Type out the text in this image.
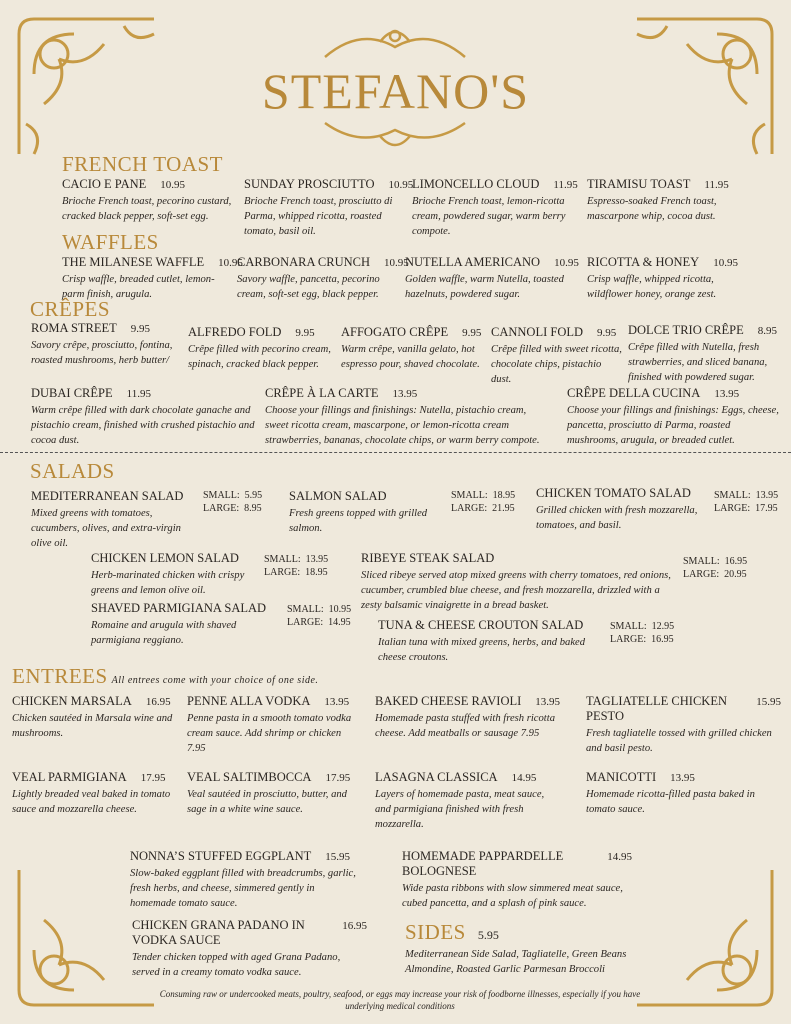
STEFANO'S
FRENCH TOAST
WAFFLES
CRÊPES
SALADS
ENTREES All entrees come with your choice of one side.
CACIO E PANE 10.95
Brioche French toast, pecorino custard, cracked black pepper, soft-set egg.
SUNDAY PROSCIUTTO 10.95
Brioche French toast, prosciutto di Parma, whipped ricotta, roasted tomato, basil oil.
LIMONCELLO CLOUD 11.95
Brioche French toast, lemon-ricotta cream, powdered sugar, warm berry compote.
TIRAMISU TOAST 11.95
Espresso-soaked French toast, mascarpone whip, cocoa dust.
THE MILANESE WAFFLE 10.95
Crisp waffle, breaded cutlet, lemon-parm finish, arugula.
CARBONARA CRUNCH 10.95
Savory waffle, pancetta, pecorino cream, soft-set egg, black pepper.
NUTELLA AMERICANO 10.95
Golden waffle, warm Nutella, toasted hazelnuts, powdered sugar.
RICOTTA & HONEY 10.95
Crisp waffle, whipped ricotta, wildflower honey, orange zest.
ROMA STREET 9.95
Savory crêpe, prosciutto, fontina, roasted mushrooms, herb butter/
ALFREDO FOLD 9.95
Crêpe filled with pecorino cream, spinach, cracked black pepper.
AFFOGATO CRÊPE 9.95
Warm crêpe, vanilla gelato, hot espresso pour, shaved chocolate.
CANNOLI FOLD 9.95
Crêpe filled with sweet ricotta, chocolate chips, pistachio dust.
DOLCE TRIO CRÊPE 8.95
Crêpe filled with Nutella, fresh strawberries, and sliced banana, finished with powdered sugar.
DUBAI CRÊPE 11.95
Warm crêpe filled with dark chocolate ganache and pistachio cream, finished with crushed pistachio and cocoa dust.
CRÊPE À LA CARTE 13.95
Choose your fillings and finishings: Nutella, pistachio cream, sweet ricotta cream, mascarpone, or lemon-ricotta cream strawberries, bananas, chocolate chips, or warm berry compote.
CRÊPE DELLA CUCINA 13.95
Choose your fillings and finishings: Eggs, cheese, pancetta, prosciutto di Parma, roasted mushrooms, arugula, or breaded cutlet.
CHICKEN MARSALA 16.95
Chicken sautéed in Marsala wine and mushrooms.
PENNE ALLA VODKA 13.95
Penne pasta in a smooth tomato vodka cream sauce. Add shrimp or chicken 7.95
BAKED CHEESE RAVIOLI 13.95
Homemade pasta stuffed with fresh ricotta cheese. Add meatballs or sausage 7.95
TAGLIATELLE CHICKEN PESTO
15.95
Fresh tagliatelle tossed with grilled chicken and basil pesto.
VEAL PARMIGIANA 17.95
Lightly breaded veal baked in tomato sauce and mozzarella cheese.
VEAL SALTIMBOCCA 17.95
Veal sautéed in prosciutto, butter, and sage in a white wine sauce.
LASAGNA CLASSICA 14.95
Layers of homemade pasta, meat sauce, and parmigiana finished with fresh mozzarella.
MANICOTTI 13.95
Homemade ricotta-filled pasta baked in tomato sauce.
NONNA’S STUFFED EGGPLANT 15.95
Slow-baked eggplant filled with breadcrumbs, garlic, fresh herbs, and cheese, simmered gently in homemade tomato sauce.
HOMEMADE PAPPARDELLE BOLOGNESE
14.95
Wide pasta ribbons with slow simmered meat sauce, cubed pancetta, and a splash of pink sauce.
CHICKEN GRANA PADANO IN VODKA SAUCE
16.95
Tender chicken topped with aged Grana Padano, served in a creamy tomato vodka sauce.
MEDITERRANEAN SALAD
Mixed greens with tomatoes, cucumbers, olives, and extra-virgin olive oil.
SMALL: 5.95
LARGE: 8.95
SALMON SALAD
Fresh greens topped with grilled salmon.
SMALL: 18.95
LARGE: 21.95
CHICKEN TOMATO SALAD
Grilled chicken with fresh mozzarella, tomatoes, and basil.
SMALL: 13.95
LARGE: 17.95
CHICKEN LEMON SALAD
Herb-marinated chicken with crispy greens and lemon olive oil.
SMALL: 13.95
LARGE: 18.95
RIBEYE STEAK SALAD
Sliced ribeye served atop mixed greens with cherry tomatoes, red onions, cucumber, crumbled blue cheese, and fresh mozzarella, drizzled with a zesty balsamic vinaigrette in a bread basket.
SMALL: 16.95
LARGE: 20.95
SHAVED PARMIGIANA SALAD
Romaine and arugula with shaved parmigiana reggiano.
SMALL: 10.95
LARGE: 14.95 TUNA & CHEESE CROUTON SALAD
Italian tuna with mixed greens, herbs, and baked cheese croutons.
SMALL: 12.95
LARGE: 16.95
SIDES 5.95
Mediterranean Side Salad, Tagliatelle, Green Beans Almondine, Roasted Garlic Parmesan Broccoli
Consuming raw or undercooked meats, poultry, seafood, or eggs may increase your risk of foodborne illnesses, especially if you have underlying medical conditions
